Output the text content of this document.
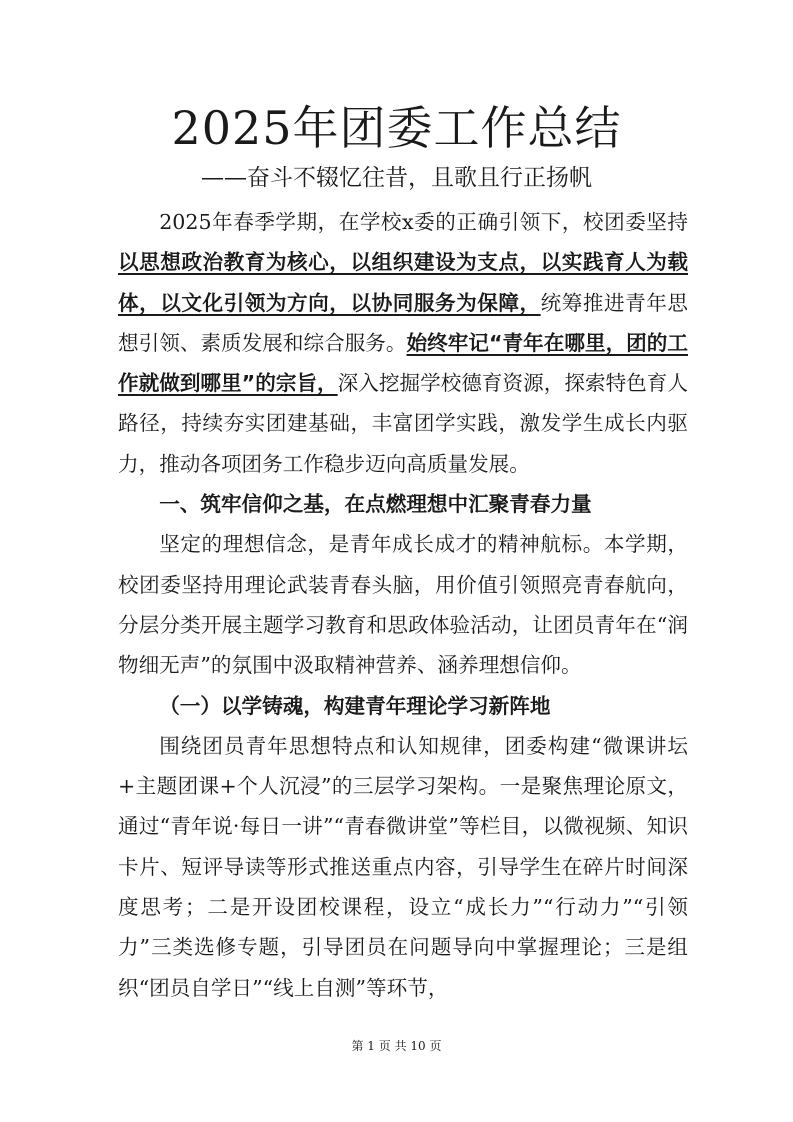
2025年团委工作总结
——奋斗不辍忆往昔，且歌且行正扬帆

2025年春季学期，在学校x委的正确引领下，校团委坚持以思想政治教育为核心，以组织建设为支点，以实践育人为载体，以文化引领为方向，以协同服务为保障，统筹推进青年思想引领、素质发展和综合服务。始终牢记“青年在哪里，团的工作就做到哪里”的宗旨，深入挖掘学校德育资源，探索特色育人路径，持续夯实团建基础，丰富团学实践，激发学生成长内驱力，推动各项团务工作稳步迈向高质量发展。

一、筑牢信仰之基，在点燃理想中汇聚青春力量

坚定的理想信念，是青年成长成才的精神航标。本学期，校团委坚持用理论武装青春头脑，用价值引领照亮青春航向，分层分类开展主题学习教育和思政体验活动，让团员青年在“润物细无声”的氛围中汲取精神营养、涵养理想信仰。

（一）以学铸魂，构建青年理论学习新阵地

围绕团员青年思想特点和认知规律，团委构建“微课讲坛+主题团课+个人沉浸”的三层学习架构。一是聚焦理论原文，通过“青年说·每日一讲”“青春微讲堂”等栏目，以微视频、知识卡片、短评导读等形式推送重点内容，引导学生在碎片时间深度思考；二是开设团校课程，设立“成长力”“行动力”“引领力”三类选修专题，引导团员在问题导向中掌握理论；三是组织“团员自学日”“线上自测”等环节，

第 1 页 共 10 页
